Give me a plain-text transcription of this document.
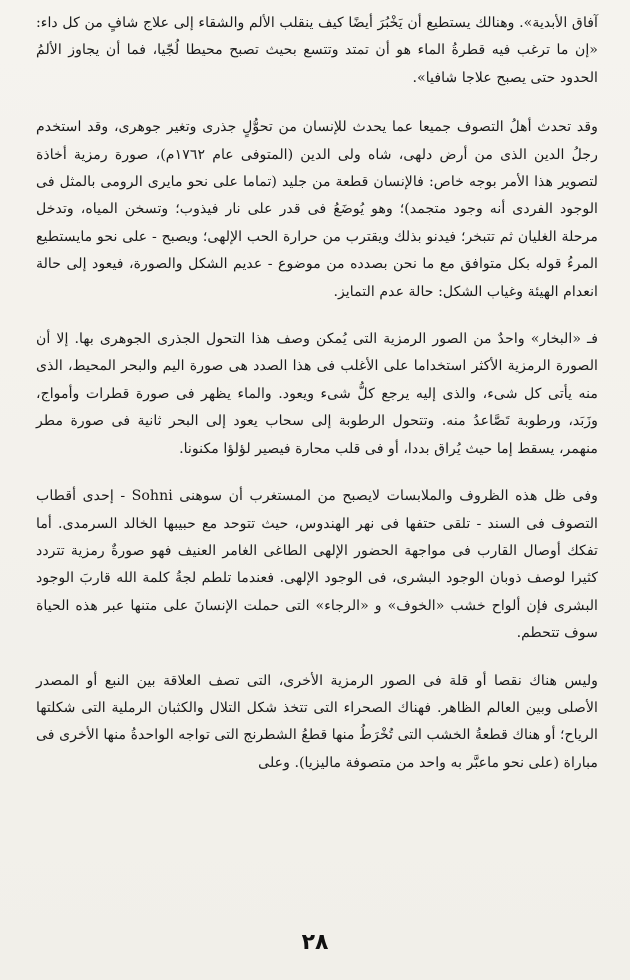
آفاق الأبدية». وهنالك يستطيع أن يَخْبُرَ أيضًا كيف ينقلب الألم والشقاء إلى علاج شافٍ من كل داء: «إن ما ترغب فيه قطرةُ الماء هو أن تمتد وتتسع بحيث تصبح محيطا لُجّيا، فما أن يجاوز الألمُ الحدود حتى يصبح علاجا شافيا».

وقد تحدث أهلُ التصوف جميعا عما يحدث للإنسان من تحوُّلٍ جذرى وتغير جوهرى، وقد استخدم رجلُ الدين الذى من أرض دلهى، شاه ولى الدين (المتوفى عام ١٧٦٢م)، صورة رمزية أخاذة لتصوير هذا الأمر بوجه خاص: فالإنسان قطعة من جليد (تماما على نحو مايرى الرومى بالمثل فى الوجود الفردى أنه وجود متجمد)؛ وهو يُوضَعُ فى قدر على نار فيذوب؛ وتسخن المياه، وتدخل مرحلة الغليان ثم تتبخر؛ فيدنو بذلك ويقترب من حرارة الحب الإلهى؛ ويصبح - على نحو مايستطيع المرءُ قوله بكل متوافق مع ما نحن بصدده من موضوع - عديم الشكل والصورة، فيعود إلى حالة انعدام الهيئة وغياب الشكل: حالة عدم التمايز.

فـ «البخار» واحدٌ من الصور الرمزية التى يُمكن وصف هذا التحول الجذرى الجوهرى بها. إلا أن الصورة الرمزية الأكثر استخداما على الأغلب فى هذا الصدد هى صورة اليم والبحر المحيط، الذى منه يأتى كل شىء، والذى إليه يرجع كلُّ شىء ويعود. والماء يظهر فى صورة قطرات وأمواج، وزَبَد، ورطوبة تَصَّاعدُ منه. وتتحول الرطوبة إلى سحاب يعود إلى البحر ثانية فى صورة مطر منهمر، يسقط إما حيث يُراق بددا، أو فى قلب محارة فيصير لؤلؤا مكنونا.

وفى ظل هذه الظروف والملابسات لايصبح من المستغرب أن سوهنى Sohni - إحدى أقطاب التصوف فى السند - تلقى حتفها فى نهر الهندوس، حيث تتوحد مع حبيبها الخالد السرمدى. أما تفكك أوصال القارب فى مواجهة الحضور الإلهى الطاغى الغامر العنيف فهو صورةٌ رمزية تتردد كثيرا لوصف ذوبان الوجود البشرى، فى الوجود الإلهى. فعندما تلطم لجةُ كلمة الله قاربَ الوجود البشرى فإن ألواح خشب «الخوف» و «الرجاء» التى حملت الإنسانَ على متنها عبر هذه الحياة سوف تتحطم.

وليس هناك نقصا أو قلة فى الصور الرمزية الأخرى، التى تصف العلاقة بين النبع أو المصدر الأصلى وبين العالم الظاهر. فهناك الصحراء التى تتخذ شكل التلال والكثبان الرملية التى شكلتها الرياح؛ أو هناك قطعةُ الخشب التى تُخْرَطُ منها قطعُ الشطرنج التى تواجه الواحدةُ منها الأخرى فى مباراة (على نحو ماعبَّر به واحد من متصوفة ماليزيا). وعلى

٢٨
